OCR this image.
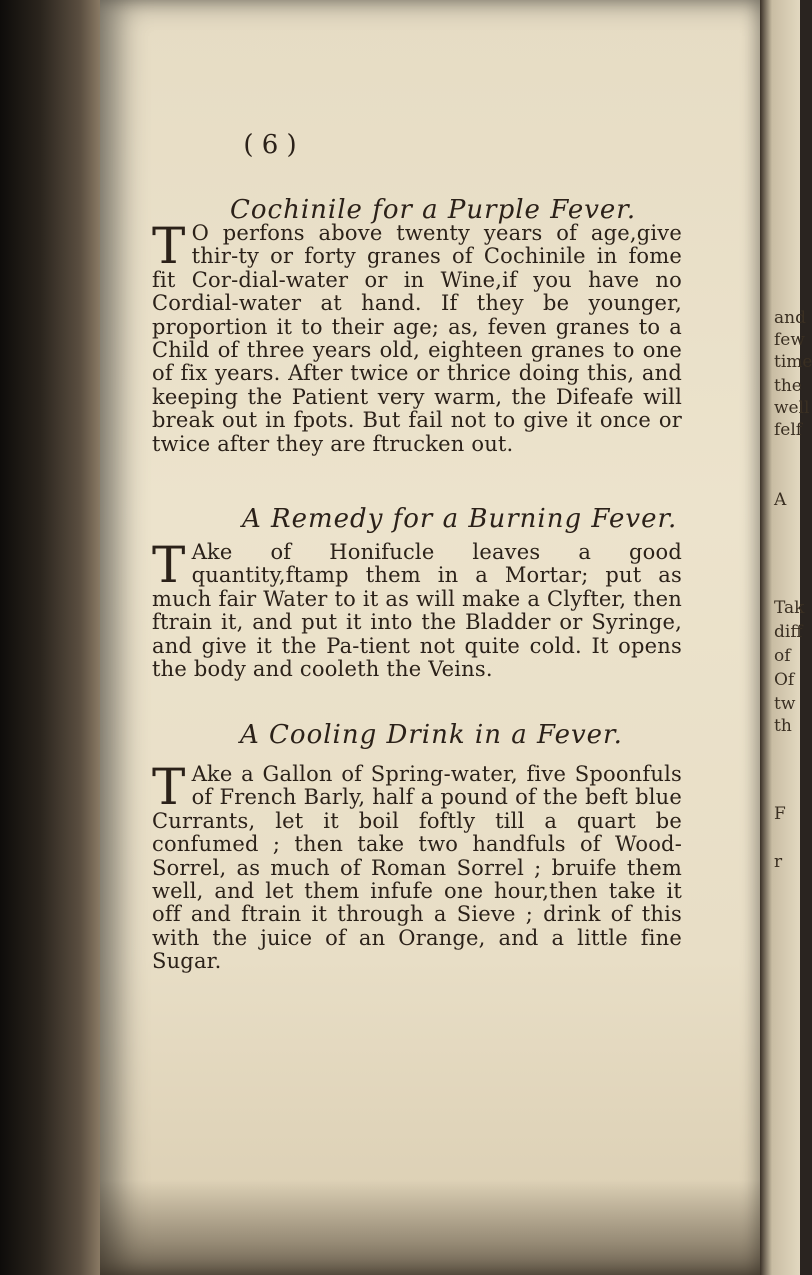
and
few
time
the
well
felf
A
Tak
diff
of
Of
tw
th
F
r
( 6 )
Cochinile for a Purple Fever.

T O perfons above twenty years of age,give thir-ty or forty granes of Cochinile in fome fit Cor-dial-water or in Wine,if you have no Cordial-water at hand. If they be younger, proportion it to their age; as, feven granes to a Child of three years old, eighteen granes to one of fix years. After twice or thrice doing this, and keeping the Patient very warm, the Difeafe will break out in fpots. But fail not to give it once or twice after they are ftrucken out.

A Remedy for a Burning Fever.

T Ake of Honifucle leaves a good quantity,ftamp them in a Mortar; put as much fair Water to it as will make a Clyfter, then ftrain it, and put it into the Bladder or Syringe, and give it the Pa-tient not quite cold. It opens the body and cooleth the Veins.

A Cooling Drink in a Fever.

T Ake a Gallon of Spring-water, five Spoonfuls of French Barly, half a pound of the beft blue Currants, let it boil foftly till a quart be confumed ; then take two handfuls of Wood-Sorrel, as much of Roman Sorrel ; bruife them well, and let them infufe one hour,then take it off and ftrain it through a Sieve ; drink of this with the juice of an Orange, and a little fine Sugar.
